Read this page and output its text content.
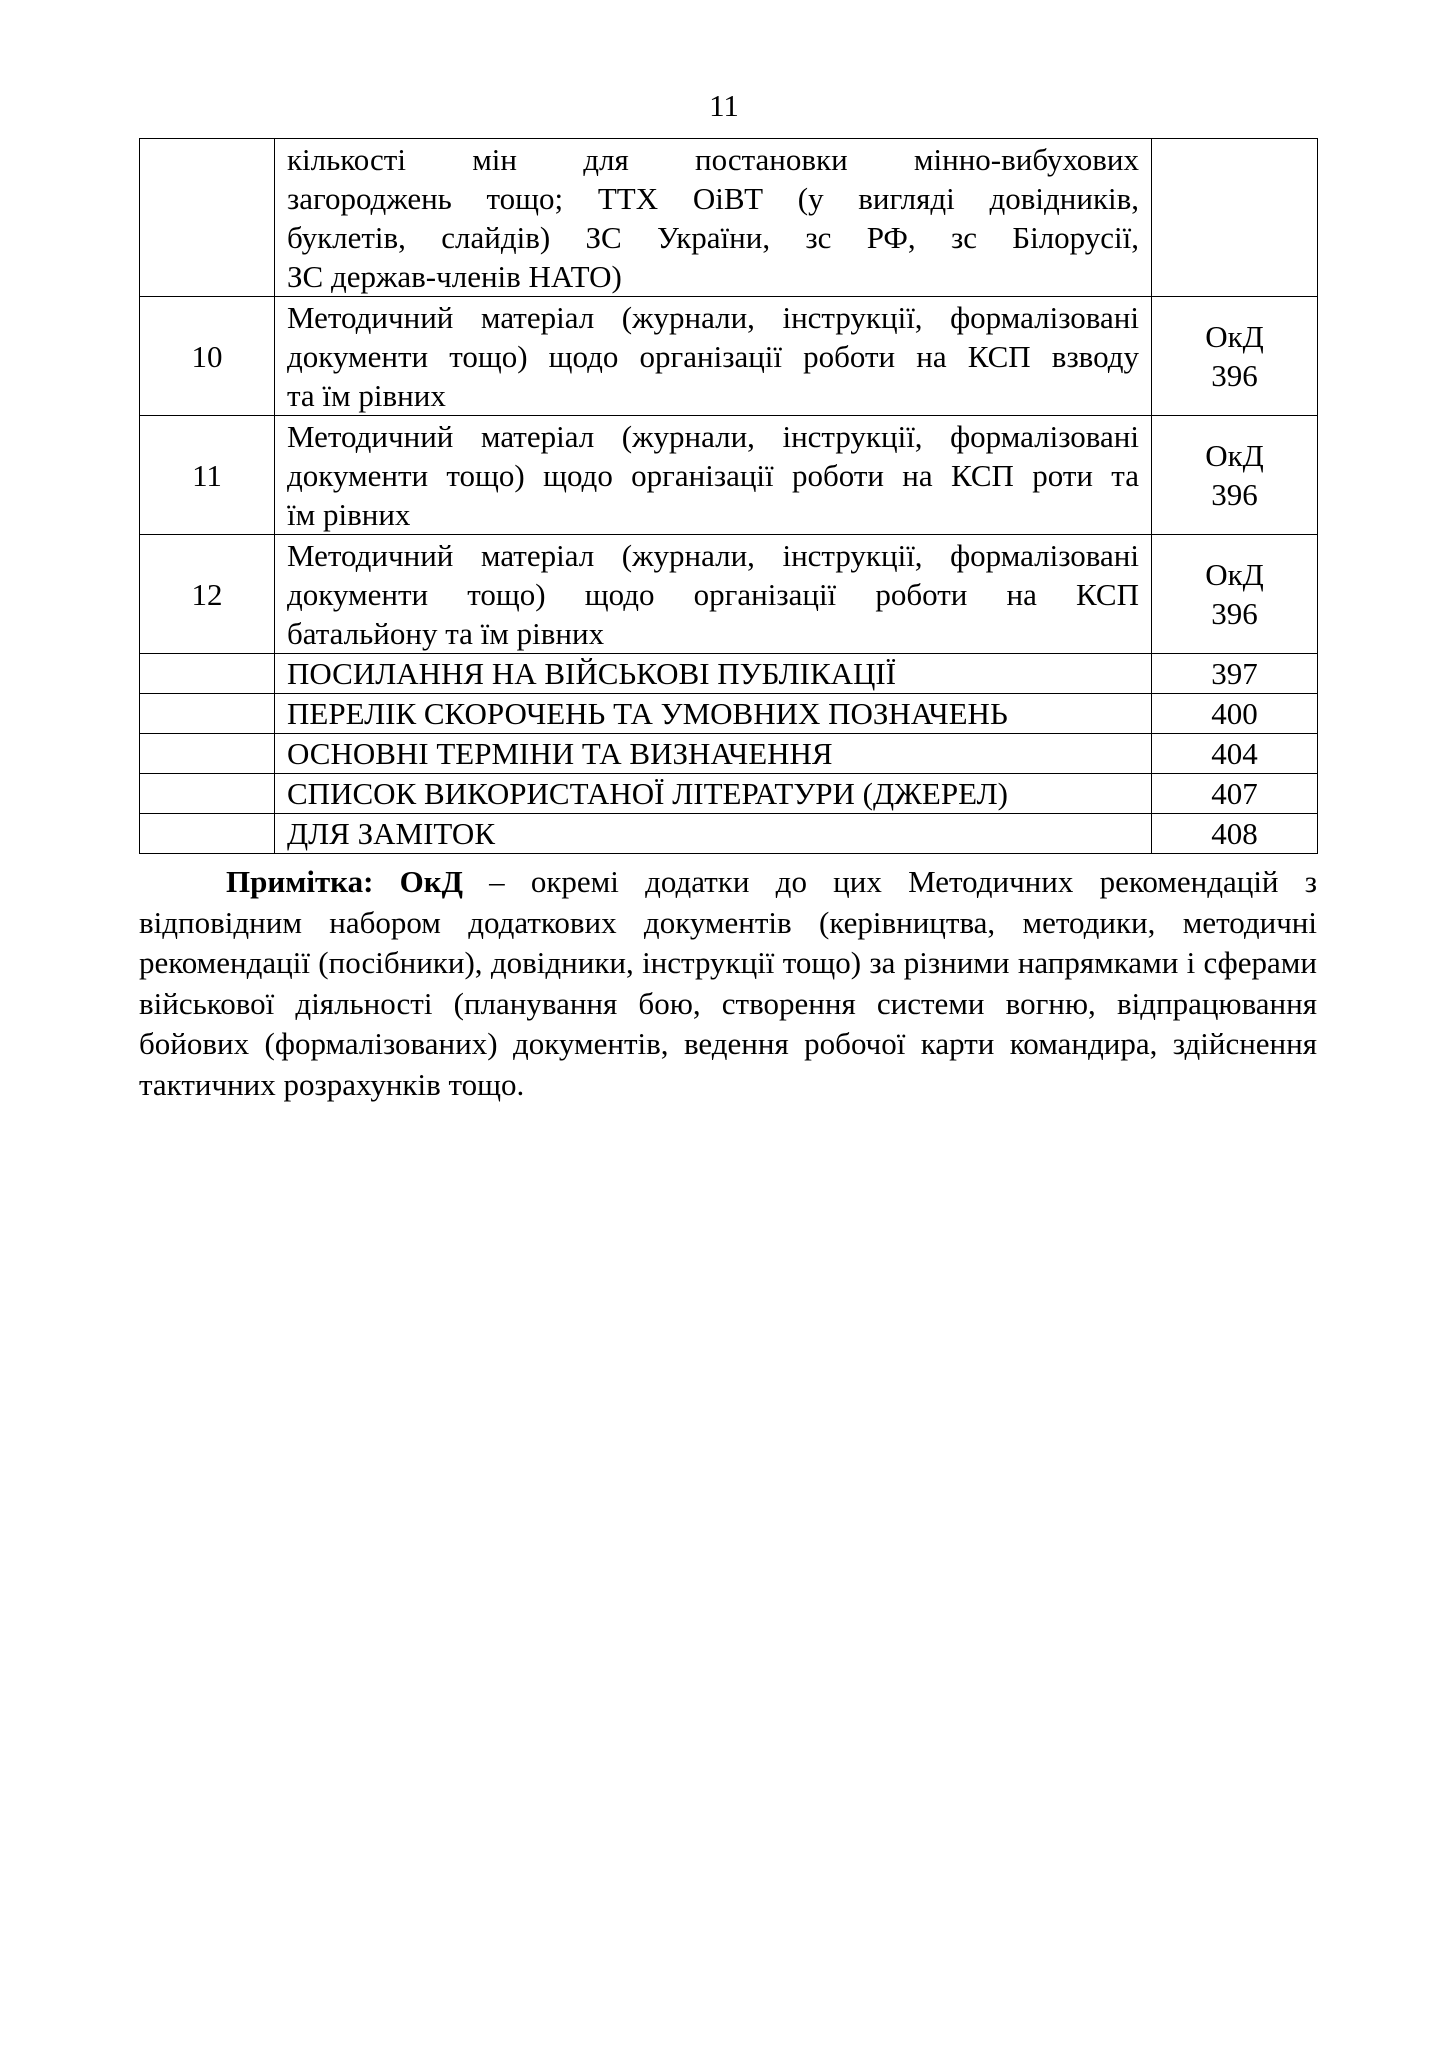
11

	кількості мін для постановки мінно-вибухових
загороджень тощо; ТТХ ОіВТ (у вигляді довідників,
буклетів, слайдів) ЗС України, зс РФ, зс Білорусії,
ЗС держав-членів НАТО)	

10	Методичний матеріал (журнали, інструкції, формалізовані
документи тощо) щодо організації роботи на КСП взводу
та їм рівних	ОкД
396

11	Методичний матеріал (журнали, інструкції, формалізовані
документи тощо) щодо організації роботи на КСП роти та
їм рівних	ОкД
396

12	Методичний матеріал (журнали, інструкції, формалізовані
документи тощо) щодо організації роботи на КСП
батальйону та їм рівних	ОкД
396

	ПОСИЛАННЯ НА ВІЙСЬКОВІ ПУБЛІКАЦІЇ	397
	ПЕРЕЛІК СКОРОЧЕНЬ ТА УМОВНИХ ПОЗНАЧЕНЬ	400
	ОСНОВНІ ТЕРМІНИ ТА ВИЗНАЧЕННЯ	404
	СПИСОК ВИКОРИСТАНОЇ ЛІТЕРАТУРИ (ДЖЕРЕЛ)	407
	ДЛЯ ЗАМІТОК	408

Примітка: ОкД – окремі додатки до цих Методичних рекомендацій з відповідним набором додаткових документів (керівництва, методики, методичні рекомендації (посібники), довідники, інструкції тощо) за різними напрямками і сферами військової діяльності (планування бою, створення системи вогню, відпрацювання бойових (формалізованих) документів, ведення робочої карти командира, здійснення тактичних розрахунків тощо.
